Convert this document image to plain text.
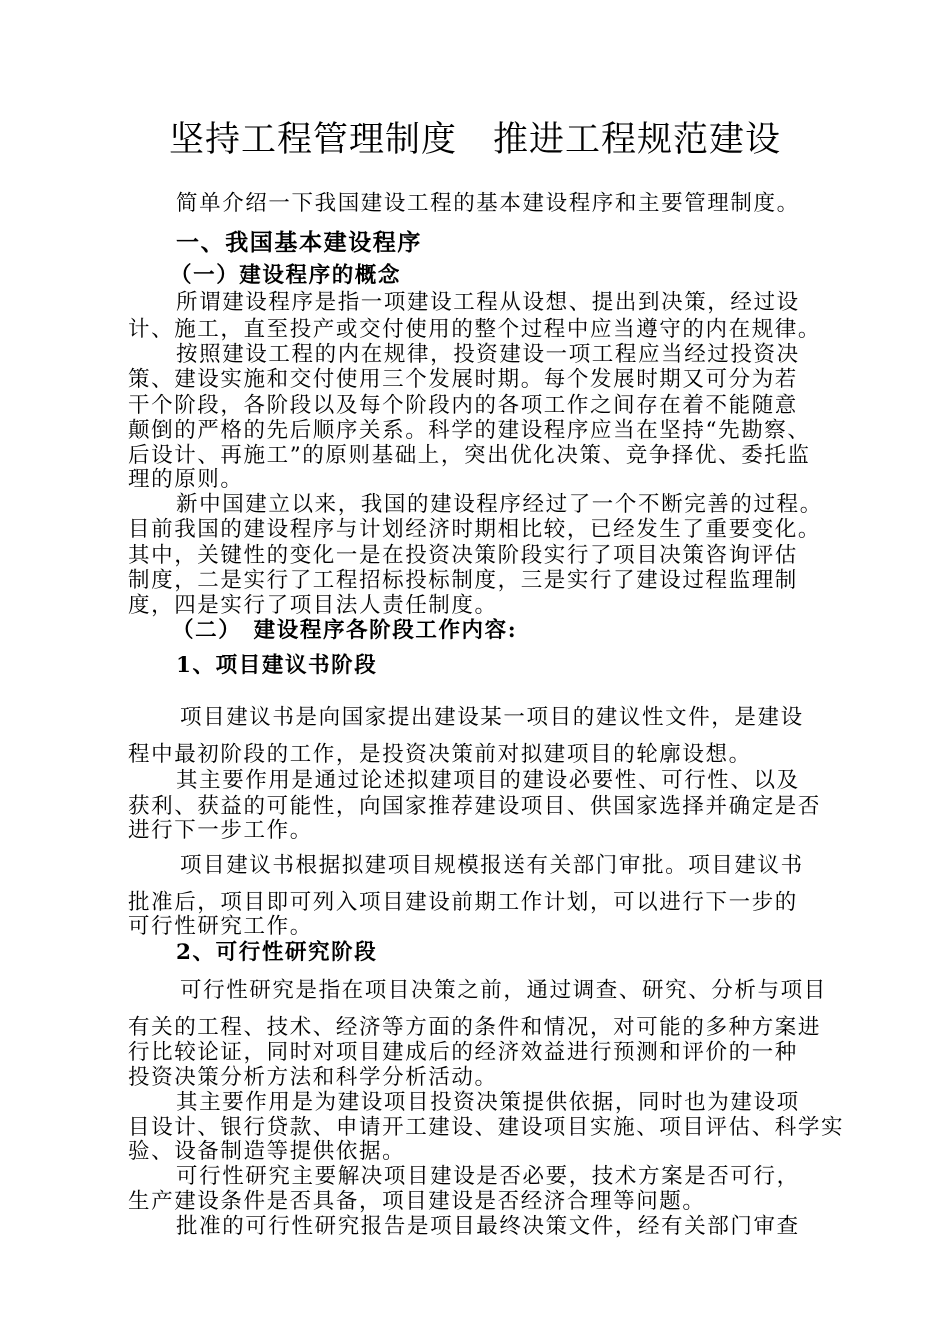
坚持工程管理制度　推进工程规范建设
简单介绍一下我国建设工程的基本建设程序和主要管理制度。
一、我国基本建设程序
（一）建设程序的概念
所谓建设程序是指一项建设工程从设想、提出到决策，经过设
计、施工，直至投产或交付使用的整个过程中应当遵守的内在规律。
按照建设工程的内在规律，投资建设一项工程应当经过投资决
策、建设实施和交付使用三个发展时期。每个发展时期又可分为若
干个阶段，各阶段以及每个阶段内的各项工作之间存在着不能随意
颠倒的严格的先后顺序关系。科学的建设程序应当在坚持“先勘察、
后设计、再施工”的原则基础上，突出优化决策、竞争择优、委托监
理的原则。
新中国建立以来，我国的建设程序经过了一个不断完善的过程。
目前我国的建设程序与计划经济时期相比较，已经发生了重要变化。
其中，关键性的变化一是在投资决策阶段实行了项目决策咨询评估
制度，二是实行了工程招标投标制度，三是实行了建设过程监理制
度，四是实行了项目法人责任制度。
（二）　建设程序各阶段工作内容:
1、项目建议书阶段
项目建议书是向国家提出建设某一项目的建议性文件，是建设
程中最初阶段的工作，是投资决策前对拟建项目的轮廓设想。
其主要作用是通过论述拟建项目的建设必要性、可行性、以及
获利、获益的可能性，向国家推荐建设项目、供国家选择并确定是否
进行下一步工作。
项目建议书根据拟建项目规模报送有关部门审批。项目建议书
批准后，项目即可列入项目建设前期工作计划，可以进行下一步的
可行性研究工作。
2、可行性研究阶段
可行性研究是指在项目决策之前，通过调查、研究、分析与项目
有关的工程、技术、经济等方面的条件和情况，对可能的多种方案进
行比较论证，同时对项目建成后的经济效益进行预测和评价的一种
投资决策分析方法和科学分析活动。
其主要作用是为建设项目投资决策提供依据，同时也为建设项
目设计、银行贷款、申请开工建设、建设项目实施、项目评估、科学实
验、设备制造等提供依据。
可行性研究主要解决项目建设是否必要，技术方案是否可行，
生产建设条件是否具备，项目建设是否经济合理等问题。
批准的可行性研究报告是项目最终决策文件，经有关部门审查
